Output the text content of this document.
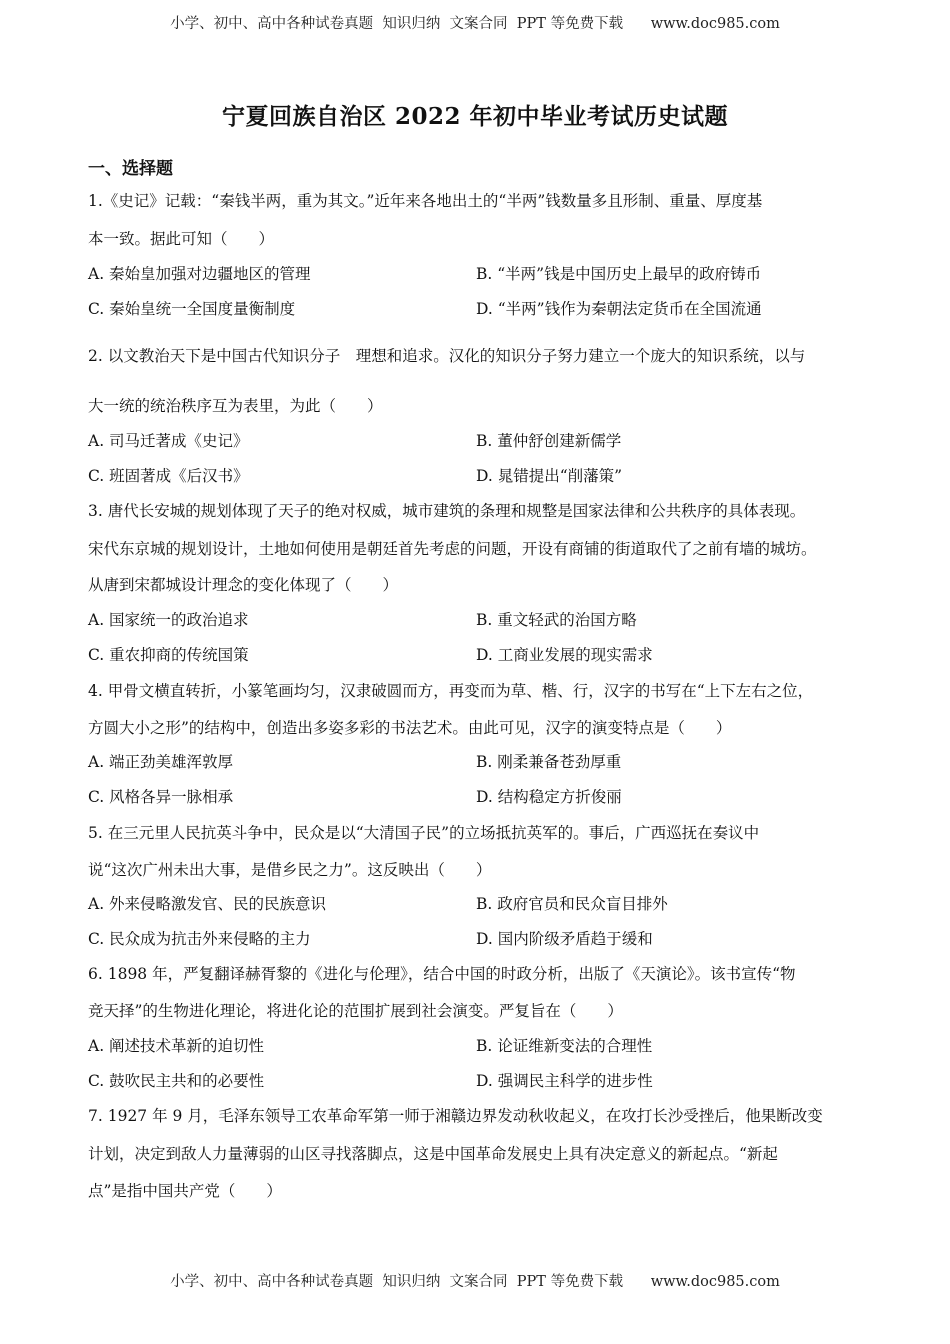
小学、初中、高中各种试卷真题  知识归纳  文案合同  PPT 等免费下载      www.doc985.com
宁夏回族自治区 2022 年初中毕业考试历史试题
一、选择题
1.《史记》记载：“秦钱半两，重为其文。”近年来各地出土的“半两”钱数量多且形制、重量、厚度基
本一致。据此可知（　　）
A. 秦始皇加强对边疆地区的管理	B. “半两”钱是中国历史上最早的政府铸币
C. 秦始皇统一全国度量衡制度	D. “半两”钱作为秦朝法定货币在全国流通
2. 以文教治天下是中国古代知识分子　理想和追求。汉化的知识分子努力建立一个庞大的知识系统，以与
大一统的统治秩序互为表里，为此（　　）
A. 司马迁著成《史记》	B. 董仲舒创建新儒学
C. 班固著成《后汉书》	D. 晁错提出“削藩策”
3. 唐代长安城的规划体现了天子的绝对权威，城市建筑的条理和规整是国家法律和公共秩序的具体表现。
宋代东京城的规划设计，土地如何使用是朝廷首先考虑的问题，开设有商铺的街道取代了之前有墙的城坊。
从唐到宋都城设计理念的变化体现了（　　）
A. 国家统一的政治追求	B. 重文轻武的治国方略
C. 重农抑商的传统国策	D. 工商业发展的现实需求
4. 甲骨文横直转折，小篆笔画均匀，汉隶破圆而方，再变而为草、楷、行，汉字的书写在“上下左右之位，
方圆大小之形”的结构中，创造出多姿多彩的书法艺术。由此可见，汉字的演变特点是（　　）
A. 端正劲美雄浑敦厚	B. 刚柔兼备苍劲厚重
C. 风格各异一脉相承	D. 结构稳定方折俊丽
5. 在三元里人民抗英斗争中，民众是以“大清国子民”的立场抵抗英军的。事后，广西巡抚在奏议中
说“这次广州未出大事，是借乡民之力”。这反映出（　　）
A. 外来侵略激发官、民的民族意识	B. 政府官员和民众盲目排外
C. 民众成为抗击外来侵略的主力	D. 国内阶级矛盾趋于缓和
6. 1898 年，严复翻译赫胥黎的《进化与伦理》，结合中国的时政分析，出版了《天演论》。该书宣传“物
竞天择”的生物进化理论，将进化论的范围扩展到社会演变。严复旨在（　　）
A. 阐述技术革新的迫切性	B. 论证维新变法的合理性
C. 鼓吹民主共和的必要性	D. 强调民主科学的进步性
7. 1927 年 9 月，毛泽东领导工农革命军第一师于湘赣边界发动秋收起义，在攻打长沙受挫后，他果断改变
计划，决定到敌人力量薄弱的山区寻找落脚点，这是中国革命发展史上具有决定意义的新起点。“新起
点”是指中国共产党（　　）
小学、初中、高中各种试卷真题  知识归纳  文案合同  PPT 等免费下载      www.doc985.com
